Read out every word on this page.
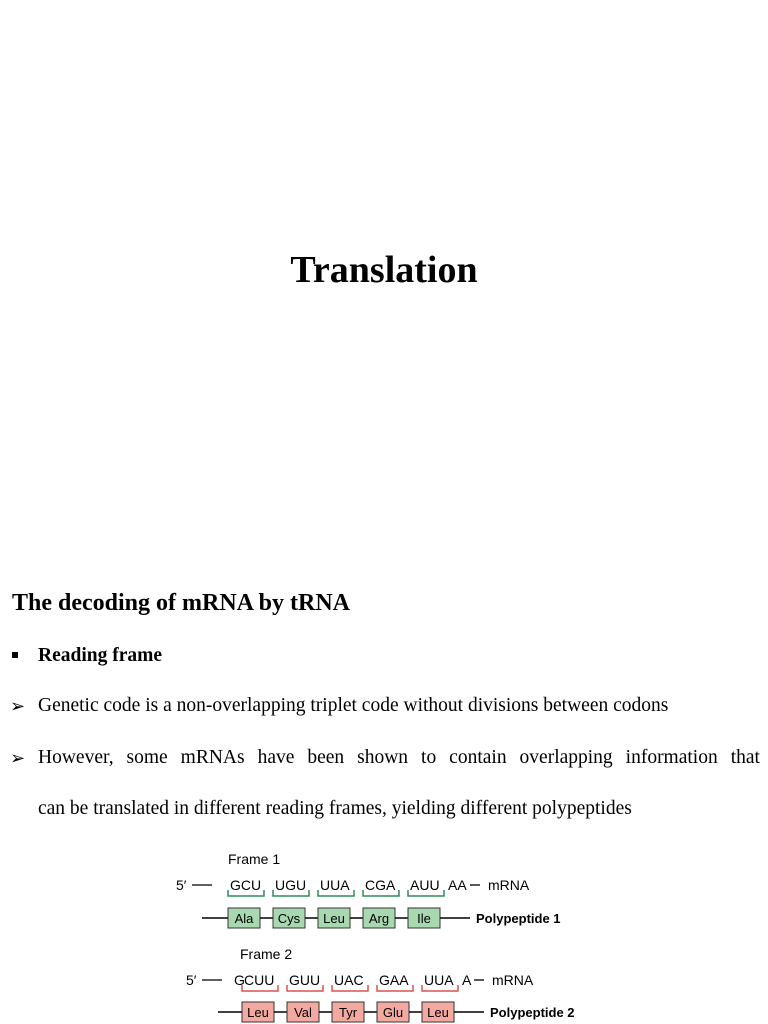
Translation
The decoding of mRNA by tRNA
Reading frame
➢ Genetic code is a non-overlapping triplet code without divisions between codons
➢ However, some mRNAs have been shown to contain overlapping information that
can be translated in different reading frames, yielding different polypeptides
Frame 1
5′	GCU
Ala
UGU
Cys
UUA
Leu
CGA
Arg
AUU
Ile
AA mRNA
Polypeptide 1
Frame 2
5′	G CUU
Leu
GUU
Val
UAC
Tyr
GAA
Glu
UUA
Leu
A mRNA
Polypeptide 2
